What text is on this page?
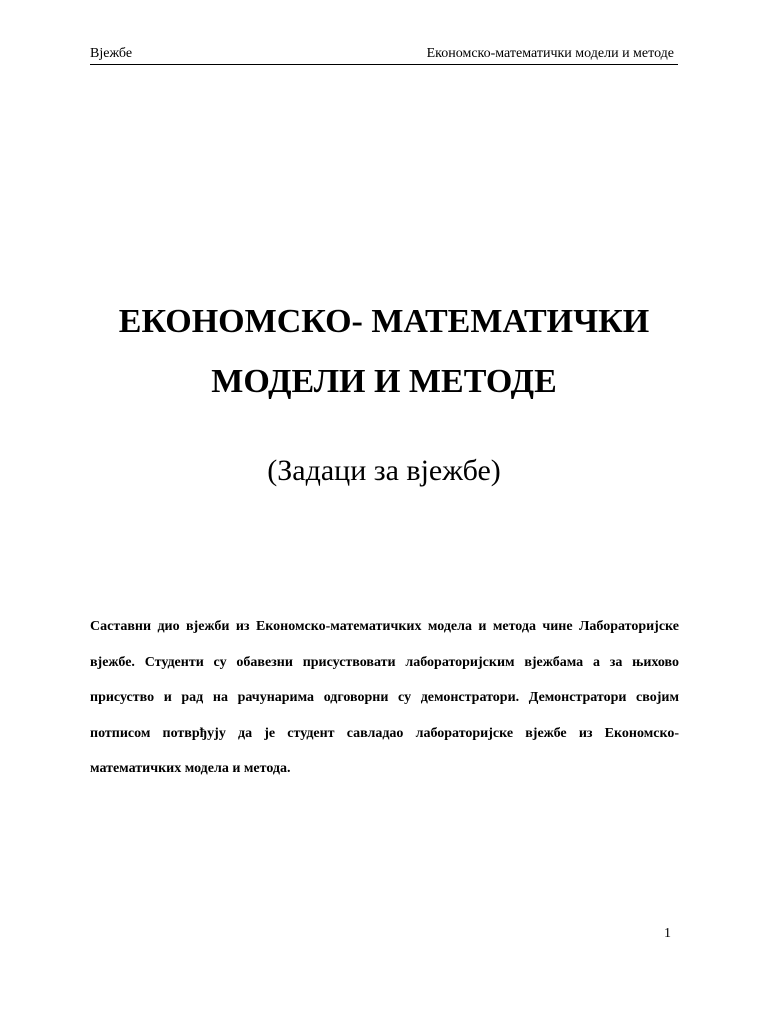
Вјежбе	Економско-математички модели и методе
ЕКОНОМСКО- МАТЕМАТИЧКИ
МОДЕЛИ И МЕТОДЕ
(Задаци за вјежбе)

Саставни дио вјежби из Економско-математичких модела и метода чине Лабораторијске вјежбе. Студенти су обавезни присуствовати лабораторијским вјежбама а за њихово присуство и рад на рачунарима одговорни су демонстратори. Демонстратори својим потписом потврђују да је студент савладао лабораторијске вјежбе из Економско-математичких модела и метода.

1
